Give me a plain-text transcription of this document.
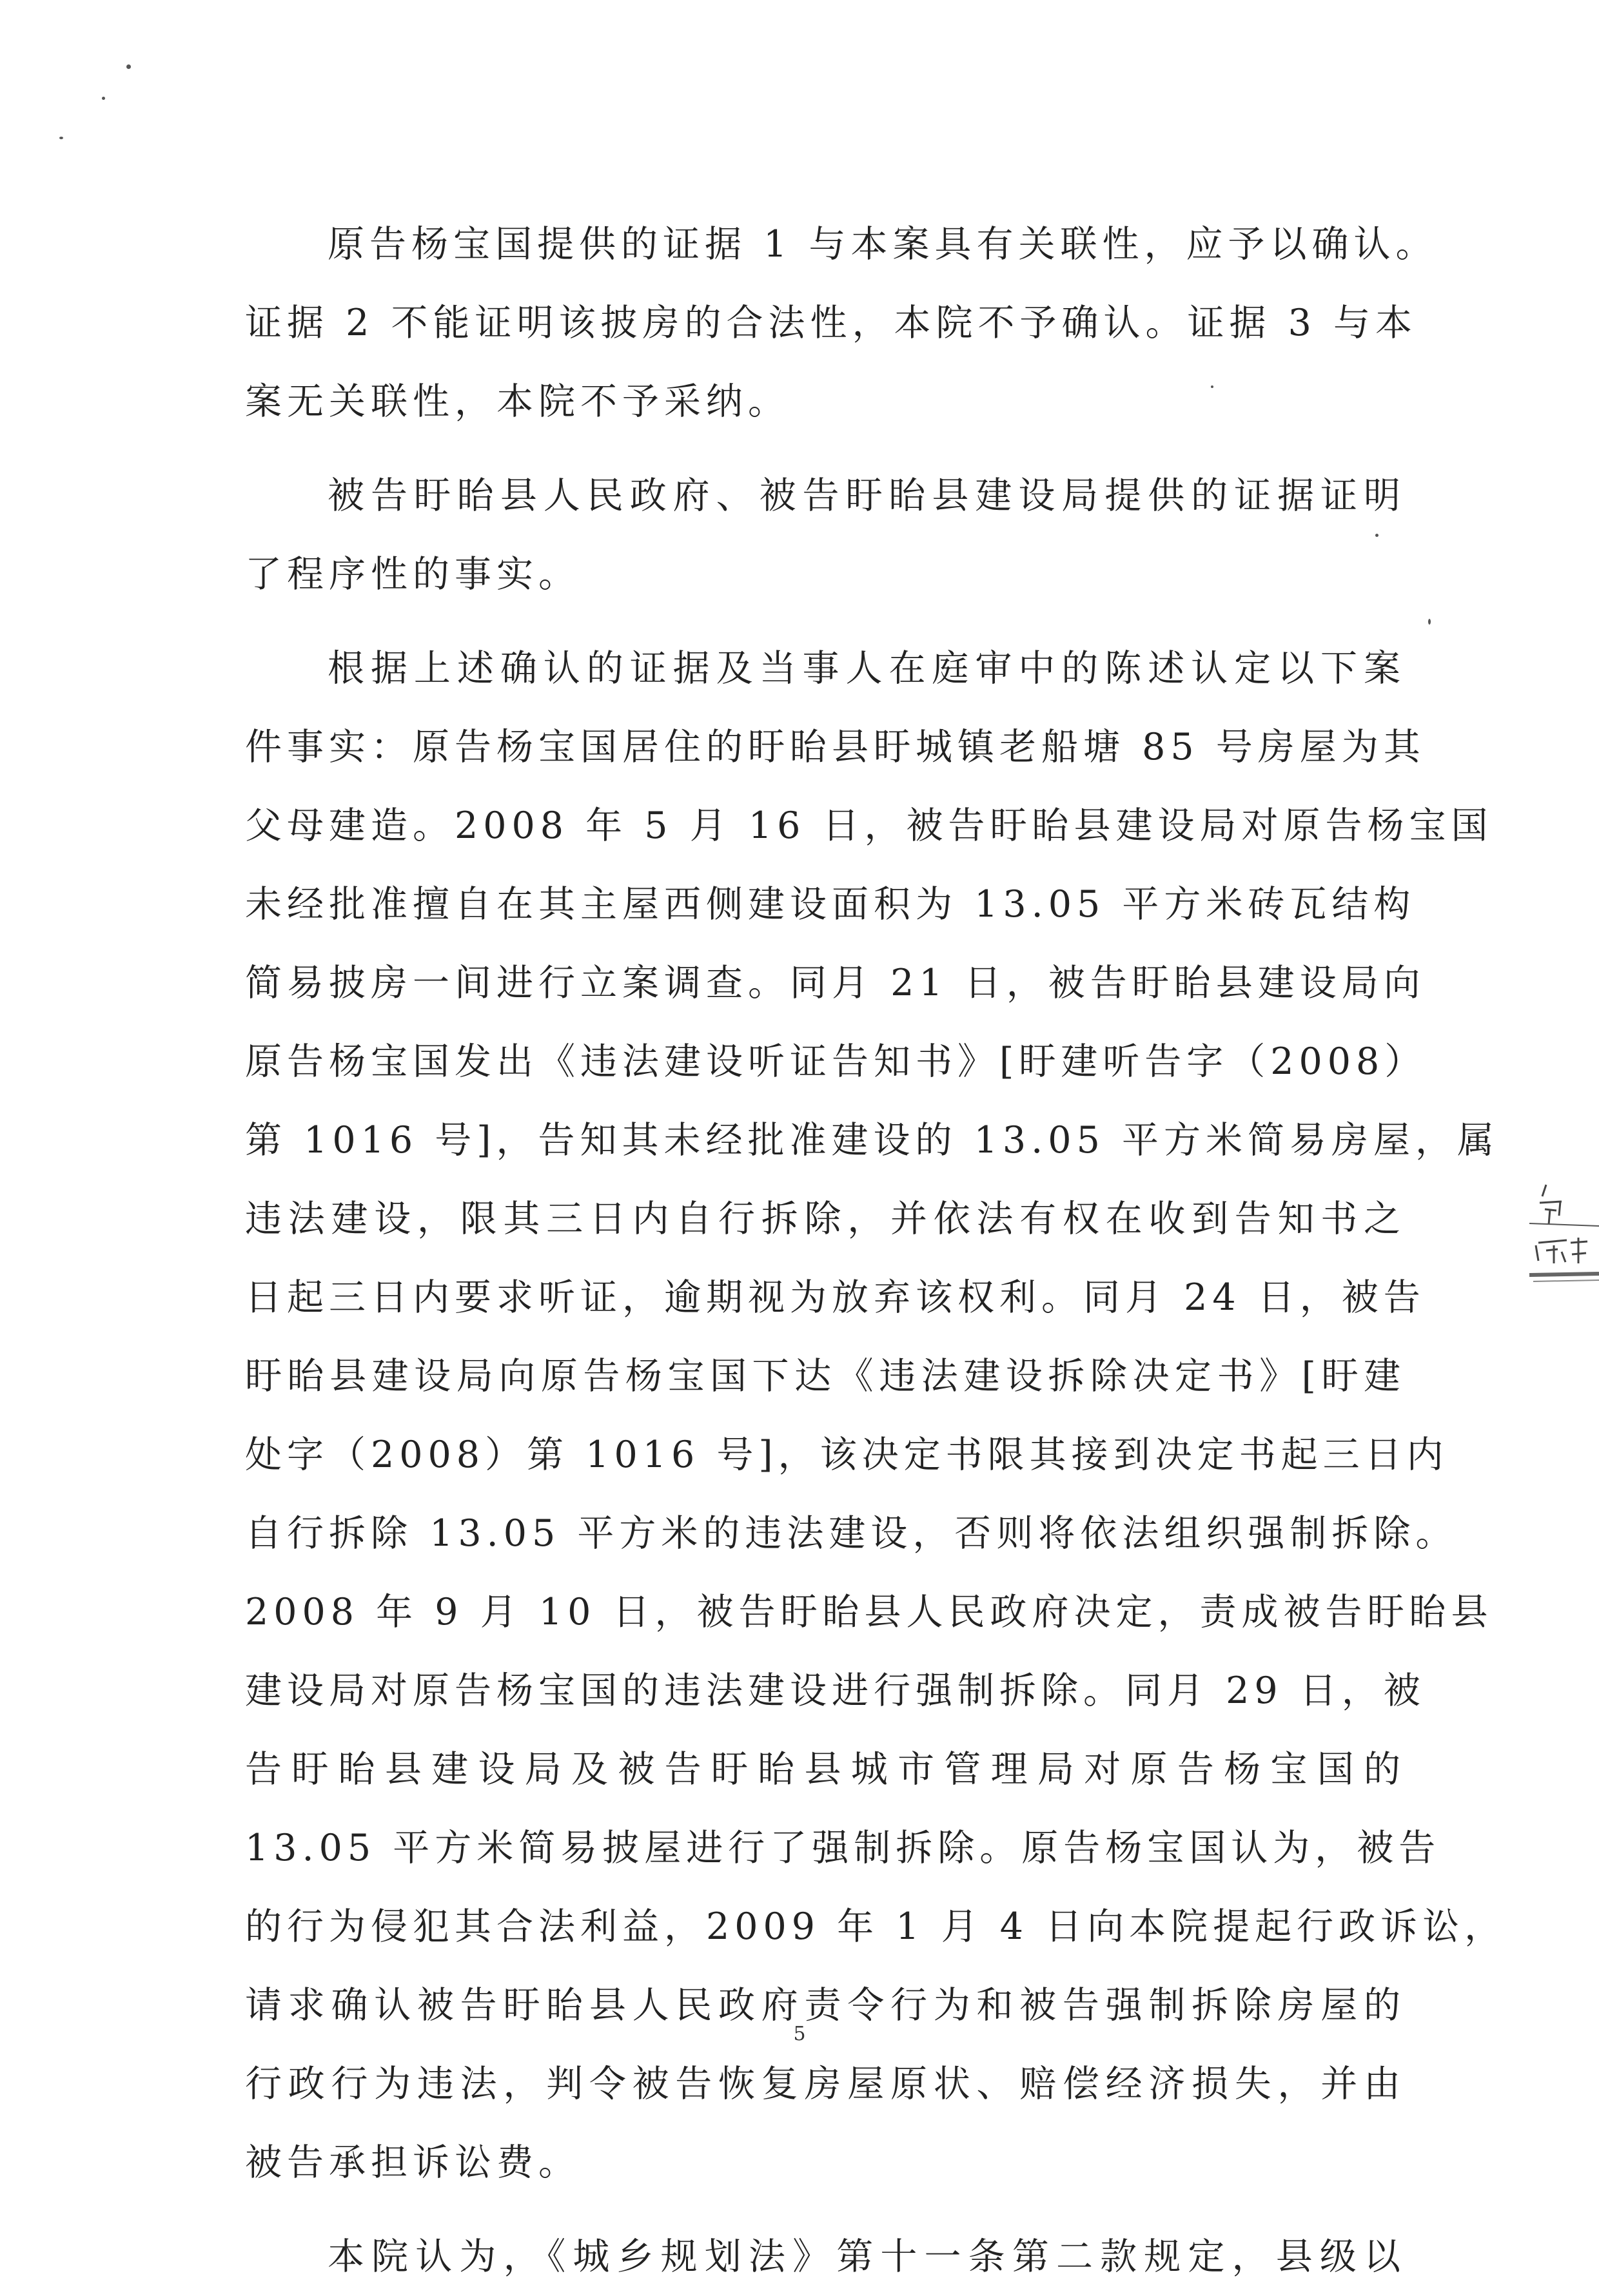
原告杨宝国提供的证据 1 与本案具有关联性，应予以确认。
证据 2 不能证明该披房的合法性，本院不予确认。证据 3 与本
案无关联性，本院不予采纳。
被告盱眙县人民政府、被告盱眙县建设局提供的证据证明
了程序性的事实。
根据上述确认的证据及当事人在庭审中的陈述认定以下案
件事实：原告杨宝国居住的盱眙县盱城镇老船塘 85 号房屋为其
父母建造。2008 年 5 月 16 日，被告盱眙县建设局对原告杨宝国
未经批准擅自在其主屋西侧建设面积为 13.05 平方米砖瓦结构
简易披房一间进行立案调查。同月 21 日，被告盱眙县建设局向
原告杨宝国发出《违法建设听证告知书》[盱建听告字（2008）
第 1016 号]，告知其未经批准建设的 13.05 平方米简易房屋，属
违法建设，限其三日内自行拆除，并依法有权在收到告知书之
日起三日内要求听证，逾期视为放弃该权利。同月 24 日，被告
盱眙县建设局向原告杨宝国下达《违法建设拆除决定书》[盱建
处字（2008）第 1016 号]，该决定书限其接到决定书起三日内
自行拆除 13.05 平方米的违法建设，否则将依法组织强制拆除。
2008 年 9 月 10 日，被告盱眙县人民政府决定，责成被告盱眙县
建设局对原告杨宝国的违法建设进行强制拆除。同月 29 日，被
告盱眙县建设局及被告盱眙县城市管理局对原告杨宝国的
13.05 平方米简易披屋进行了强制拆除。原告杨宝国认为，被告
的行为侵犯其合法利益，2009 年 1 月 4 日向本院提起行政诉讼，
请求确认被告盱眙县人民政府责令行为和被告强制拆除房屋的
行政行为违法，判令被告恢复房屋原状、赔偿经济损失，并由
被告承担诉讼费。
本院认为，《城乡规划法》第十一条第二款规定，县级以
5
